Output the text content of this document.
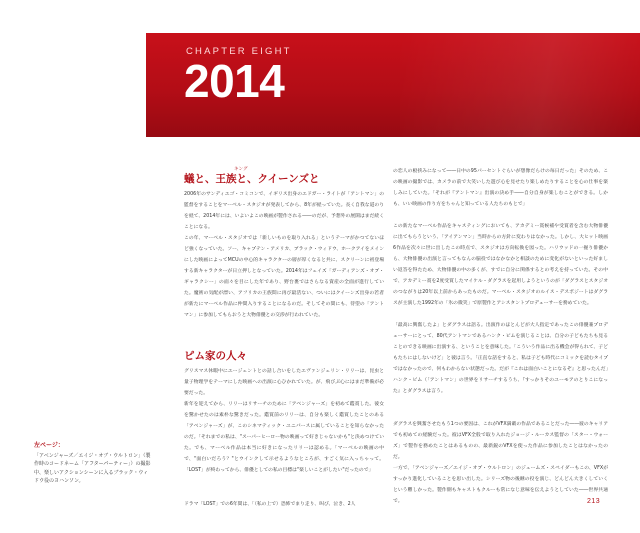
CHAPTER EIGHT
2014
蟻と、王族と、クイーンズと
キング

2006年のサンディエゴ・コミコンで、イギリス出身のエドガー・ライトが「アントマン」の監督をすることをマーベル・スタジオが発表してから、8年が経っていた。長く自我な道のりを経て、2014年には、いよいよこの映画が製作される――のだが、予想外の展開はまだ続くことになる。

この年、マーベル・スタジオでは「新しいものを取り入れる」というテーマがかつてないほど強くなっていた。ソー、キャプテン・アメリカ、ブラック・ウィドウ、ホークアイをメインにした映画によってMCUの中心的キャラクターの層が厚くなると共に、スクリーンに初登場する新キャラクターが日立押しとなっていた。2014年はフェイズ「ガーディアンズ・オブ・ギャラクシー」の面々を目にした年であり、野台裏ではさらなる資産の全面が進行していた。魔術の気配が漂い、アフリカの王族間に再び最活ない、ついにはクイーンズ出身の若者が新たにマーベル作品に仲間入りすることになるのだ。そしてその間にも、待望の「アントマン」に参加してもらおうと大物俳優との交渉が行われていた。

ピム家の人々

グリスマス休暇中にエージェントとの話し合いをしたエヴァンジェリン・リリーは、昆虫と量子物理学をテーマにした映画への出演に心ひかれていた。が、飛びぶ心にはまだ準備が必要だった。

新年を迎えてから、リリーはリサーチのために「アベンジャーズ」を初めて鑑賞した。彼女を驚かせたのは素朴な驚きだった。鑑賞前のリリーは、自分も楽しく鑑賞したことのある「アベンジャーズ」が、このシネマティック・ユニバースに属していることを知らなかったのだ。「それまでの私は、"スーパーヒーロー物の映画って好きじゃないかも"と決めつけていた。でも、マーベル作品は本当に好きになったリリーは認める。「マーベルの映画の中で、"面白いだろう？"とウインクして示せるようなところが、すごく気に入っちゃって。「LOST」が終わってから、俳優としての私の目標は"楽しいことがしたい"だったので」

ドラマ「LOST」での6年間は、「（私の上で）恐怖でまり走り、叫び、泣き、2人

の恋人の板挟みになって――日中の95パーセントぐらいが想像だらけの毎日だった」そのため、この映画の撮影では、カメラの前で大笑いした遊び心を見せたり楽しめたりすることを心の仕事を楽しみにしていた。「それが『アントマン』出演の決め手――自分自身が楽しむことができる。しかも、いい映画の作り方をちゃんと知っている人たちのもとで」

この新たなマーベル作品をキャスティングにおいても、アカデミー賞候補や受賞者を含む大物俳優に出てもらうという、「アイアンマン」当時からの方針に変わりはなかった。しかし、大ヒット映画6作品を次々に世に出したこの時点で、スタジオは方向転換を図った。ハリウッドの一握り俳優から、大物俳優の出演と言ってもなんの脇役ではなかなかと相談のために変化がないといった好ましい返答を得たため、大物俳優の中の多くが、すでに自分に関係するとの考えを持っていた。その中で、アカデミー賞を2度受賞したマイケル・ダグラスを起用しようというのが「ダグラスとスタジオのつながりは20年以上前からあったものだ。マーベル・スタジオのルイス・デスポジートはダグラスが主演した1992年の「氷の微笑」で原製作とアシスタントプロデューサーを務めていた。

「最高に興奮したよ」とダグラスは語る。出演作のほとんどが大人指定であったこの俳優兼プロデューサーにとって、80代アントマンであるハンク・ピムを演じることは、自分の子どもたちも見ることのできる映画に出演する、ということを意味した。「こういう作品に出る機会が得られて、子どもたちにはしないけど」と彼は言う。「正直な話をすると、私は子ども時代にコミックを読むタイプではなかったので、何もわからない状態だった。だが『これは面白いことになるぞ』と思ったんだ」ハンク・ピム（「アントマン」の世界をリサーチするうち、『すっかりそのユーモアのとりこになった』とダグラスは言う。

ダグラスを興奮させたもう1つの要因は、これがVFX満載の作品であることだった――彼のキャリアでも初めての経験だった。彼はVFX全般で取り入れたジョージ・ルーカス監督の「スター・ウォーズ」で製作を務めたことはあるものの、最新鋭のVFXを使った作品に参加したことはなかったのだ。

一方で、「アベンジャーズ／エイジ・オブ・ウルトロン」のジェームズ・スペイダーもこの、VFXがすっかり進化していることを思い出した。シリーズ物の後継の役を演じ、どんどん大きくしていくという難しかった。製作側もキャストもクルーも常になじ意味を伝えようとしていた――世界共通で。

左ページ：
「アベンジャーズ／エイジ・オブ・ウルトロン」（製作時のコードネーム「アフターパーティー」）の撮影中、楽しいアクションシーンに入るブラック・ウィドウ役のヨハンソン。
213
